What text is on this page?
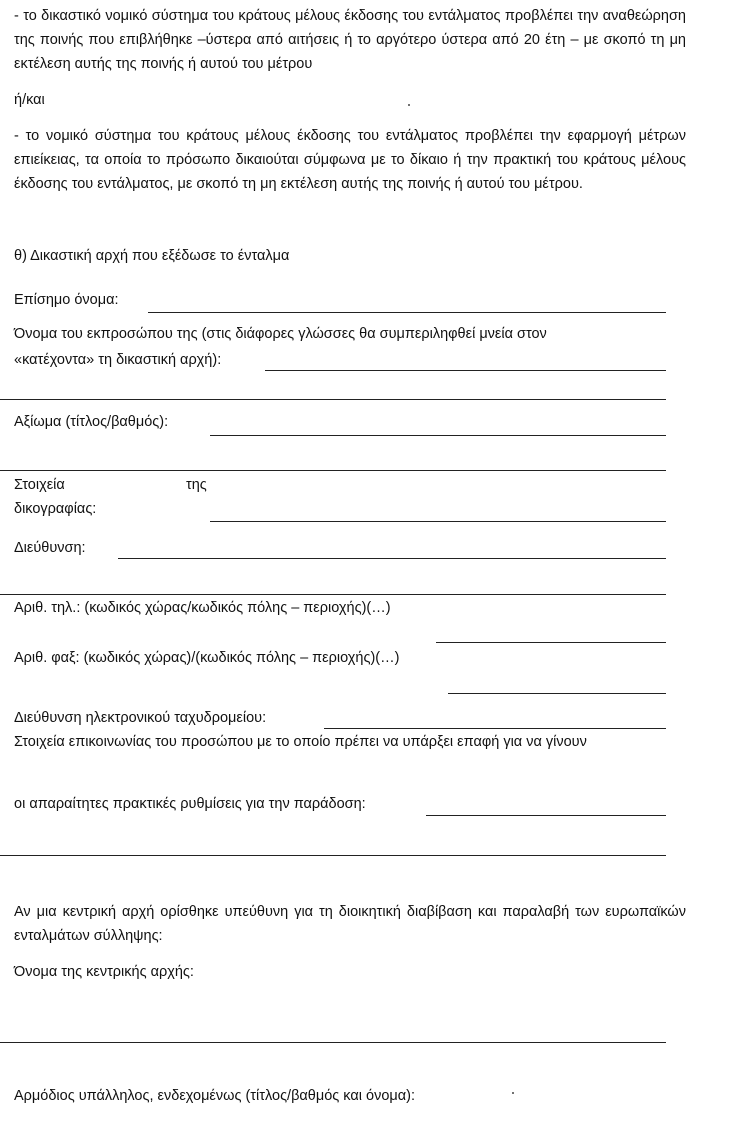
- το δικαστικό νομικό σύστημα του κράτους μέλους έκδοσης του εντάλματος προβλέπει την αναθεώρηση της ποινής που επιβλήθηκε –ύστερα από αιτήσεις ή το αργότερο ύστερα από 20 έτη – με σκοπό τη μη εκτέλεση αυτής της ποινής ή αυτού του μέτρου

ή/και

- το νομικό σύστημα του κράτους μέλους έκδοσης του εντάλματος προβλέπει την εφαρμογή μέτρων επιείκειας, τα οποία το πρόσωπο δικαιούται σύμφωνα με το δίκαιο ή την πρακτική του κράτους μέλους έκδοσης του εντάλματος, με σκοπό τη μη εκτέλεση αυτής της ποινής ή αυτού του μέτρου.

θ) Δικαστική αρχή που εξέδωσε το ένταλμα

Επίσημο όνομα:

Όνομα του εκπροσώπου της (στις διάφορες γλώσσες θα συμπεριληφθεί μνεία στον

«κατέχοντα» τη δικαστική αρχή):

Αξίωμα (τίτλος/βαθμός):

Στοιχεία	της

δικογραφίας:

Διεύθυνση:

Αριθ. τηλ.: (κωδικός χώρας/κωδικός πόλης – περιοχής)(…)

Αριθ. φαξ: (κωδικός χώρας)/(κωδικός πόλης – περιοχής)(…)

Διεύθυνση ηλεκτρονικού ταχυδρομείου:

Στοιχεία επικοινωνίας του προσώπου με το οποίο πρέπει να υπάρξει επαφή για να γίνουν

οι απαραίτητες πρακτικές ρυθμίσεις για την παράδοση:

Αν μια κεντρική αρχή ορίσθηκε υπεύθυνη για τη διοικητική διαβίβαση και παραλαβή των ευρωπαϊκών ενταλμάτων σύλληψης:

Όνομα της κεντρικής αρχής:

Αρμόδιος υπάλληλος, ενδεχομένως (τίτλος/βαθμός και όνομα):
